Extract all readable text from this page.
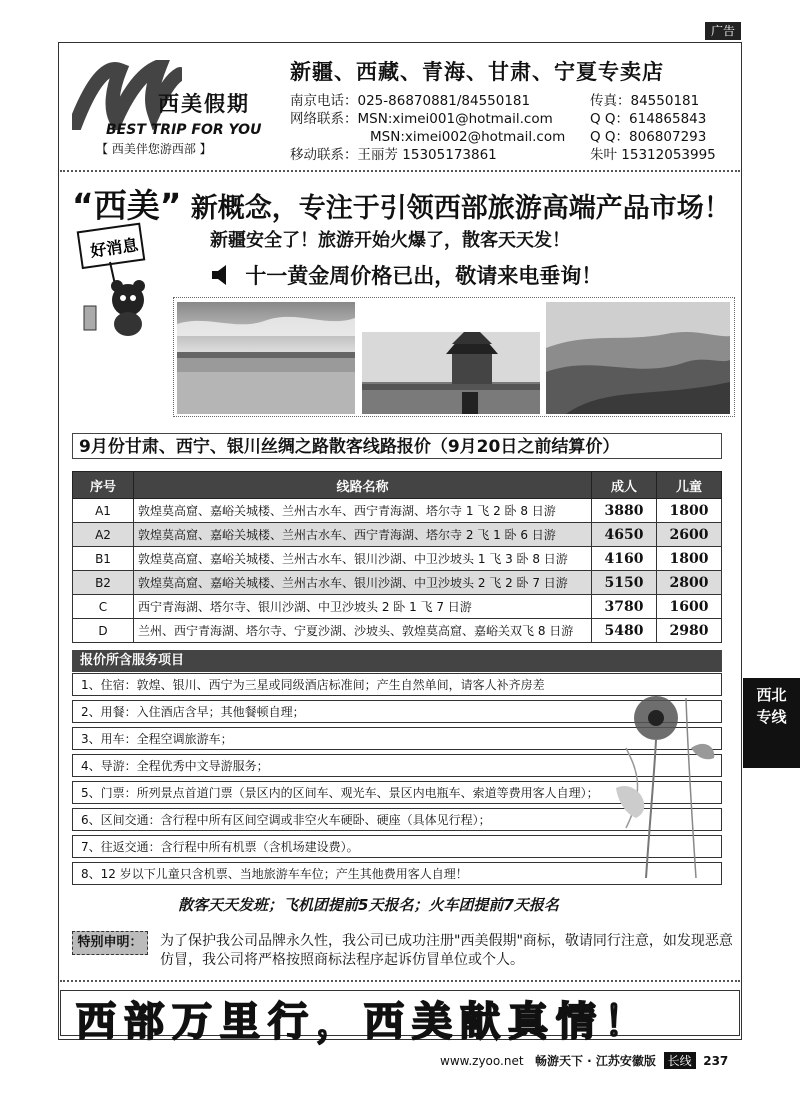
广告
西北专线
西美假期
BEST TRIP FOR YOU
【 西美伴您游西部 】
新疆、西藏、青海、甘肃、宁夏专卖店
南京电话：025-86870881/84550181	传真：84550181
网络联系：MSN:ximei001@hotmail.com	Q Q：614865843
MSN:ximei002@hotmail.com Q Q：806807293
移动联系：王丽芳 15305173861	朱叶 15312053995
“西美” 新概念，专注于引领西部旅游高端产品市场！
新疆安全了！旅游开始火爆了，散客天天发！
十一黄金周价格已出，敬请来电垂询！
好消息
9月份甘肃、西宁、银川丝绸之路散客线路报价（9月20日之前结算价）
序号	线路名称	成人	儿童
A1	敦煌莫高窟、嘉峪关城楼、兰州古水车、西宁青海湖、塔尔寺 1 飞 2 卧 8 日游	3880	1800
A2	敦煌莫高窟、嘉峪关城楼、兰州古水车、西宁青海湖、塔尔寺 2 飞 1 卧 6 日游	4650	2600
B1	敦煌莫高窟、嘉峪关城楼、兰州古水车、银川沙湖、中卫沙坡头 1 飞 3 卧 8 日游	4160	1800
B2	敦煌莫高窟、嘉峪关城楼、兰州古水车、银川沙湖、中卫沙坡头 2 飞 2 卧 7 日游	5150	2800
C	西宁青海湖、塔尔寺、银川沙湖、中卫沙坡头 2 卧 1 飞 7 日游	3780	1600
D	兰州、西宁青海湖、塔尔寺、宁夏沙湖、沙坡头、敦煌莫高窟、嘉峪关双飞 8 日游	5480	2980
报价所含服务项目
1、住宿：敦煌、银川、西宁为三星或同级酒店标准间；产生自然单间，请客人补齐房差
2、用餐：入住酒店含早；其他餐顿自理；
3、用车：全程空调旅游车；
4、导游：全程优秀中文导游服务；
5、门票：所列景点首道门票（景区内的区间车、观光车、景区内电瓶车、索道等费用客人自理）；
6、区间交通：含行程中所有区间空调或非空火车硬卧、硬座（具体见行程）；
7、往返交通：含行程中所有机票（含机场建设费）。
8、12 岁以下儿童只含机票、当地旅游车车位；产生其他费用客人自理！
散客天天发班；飞机团提前5天报名；火车团提前7天报名
特别申明：	为了保护我公司品牌永久性，我公司已成功注册"西美假期"商标，敬请同行注意，如发现恶意仿冒，我公司将严格按照商标法程序起诉仿冒单位或个人。
西部万里行，西美献真情！
www.zyoo.net 畅游天下 · 江苏安徽版 长线 237
